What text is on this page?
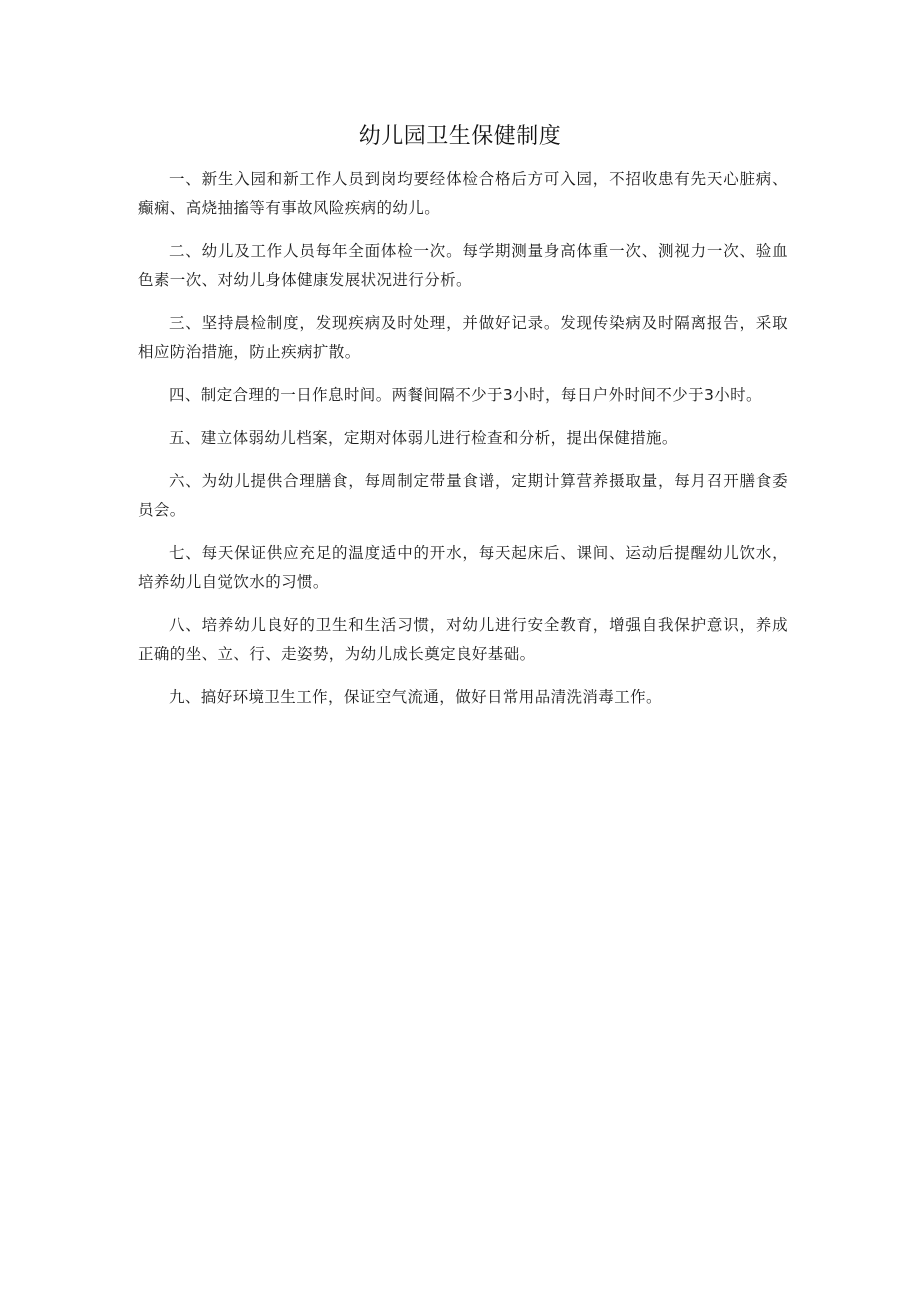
幼儿园卫生保健制度

一、新生入园和新工作人员到岗均要经体检合格后方可入园，不招收患有先天心脏病、癫痫、高烧抽搐等有事故风险疾病的幼儿。

二、幼儿及工作人员每年全面体检一次。每学期测量身高体重一次、测视力一次、验血色素一次、对幼儿身体健康发展状况进行分析。

三、坚持晨检制度，发现疾病及时处理，并做好记录。发现传染病及时隔离报告，采取相应防治措施，防止疾病扩散。

四、制定合理的一日作息时间。两餐间隔不少于3小时，每日户外时间不少于3小时。

五、建立体弱幼儿档案，定期对体弱儿进行检查和分析，提出保健措施。

六、为幼儿提供合理膳食，每周制定带量食谱，定期计算营养摄取量，每月召开膳食委员会。

七、每天保证供应充足的温度适中的开水，每天起床后、课间、运动后提醒幼儿饮水，培养幼儿自觉饮水的习惯。

八、培养幼儿良好的卫生和生活习惯，对幼儿进行安全教育，增强自我保护意识，养成正确的坐、立、行、走姿势，为幼儿成长奠定良好基础。

九、搞好环境卫生工作，保证空气流通，做好日常用品清洗消毒工作。
